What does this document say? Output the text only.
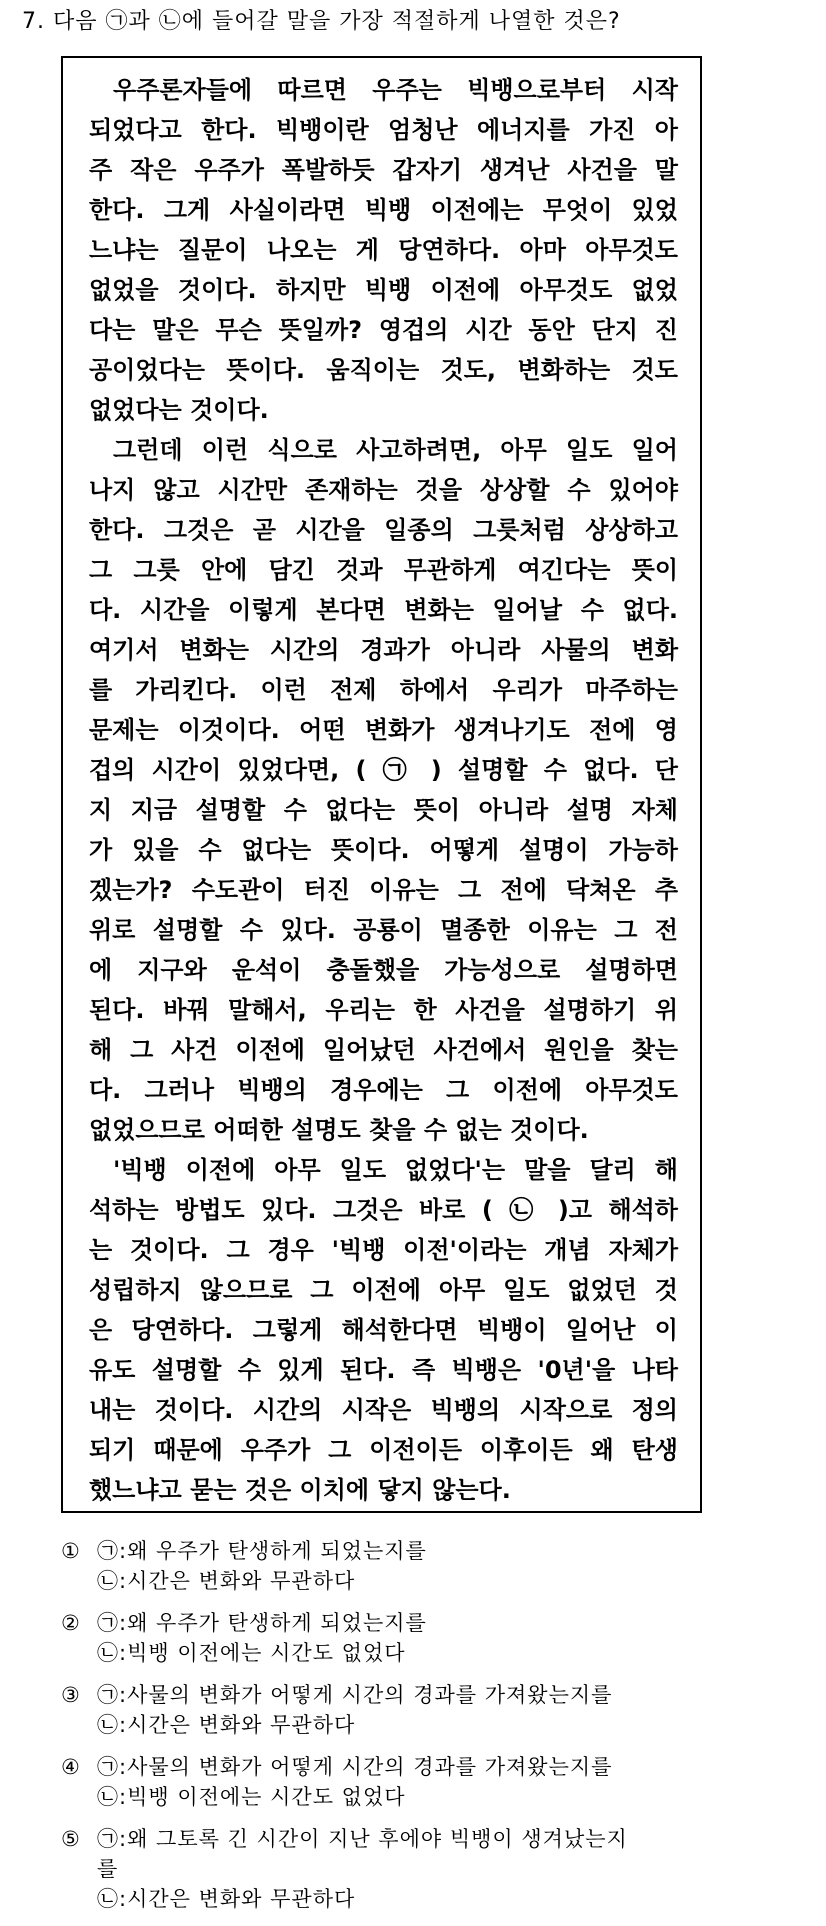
7. 다음 ㉠과 ㉡에 들어갈 말을 가장 적절하게 나열한 것은?
우주론자들에 따르면 우주는 빅뱅으로부터 시작
되었다고 한다. 빅뱅이란 엄청난 에너지를 가진 아
주 작은 우주가 폭발하듯 갑자기 생겨난 사건을 말
한다. 그게 사실이라면 빅뱅 이전에는 무엇이 있었
느냐는 질문이 나오는 게 당연하다. 아마 아무것도
없었을 것이다. 하지만 빅뱅 이전에 아무것도 없었
다는 말은 무슨 뜻일까? 영겁의 시간 동안 단지 진
공이었다는 뜻이다. 움직이는 것도, 변화하는 것도
없었다는 것이다.
그런데 이런 식으로 사고하려면, 아무 일도 일어
나지 않고 시간만 존재하는 것을 상상할 수 있어야
한다. 그것은 곧 시간을 일종의 그릇처럼 상상하고
그 그릇 안에 담긴 것과 무관하게 여긴다는 뜻이
다. 시간을 이렇게 본다면 변화는 일어날 수 없다.
여기서 변화는 시간의 경과가 아니라 사물의 변화
를 가리킨다. 이런 전제 하에서 우리가 마주하는
문제는 이것이다. 어떤 변화가 생겨나기도 전에 영
겁의 시간이 있었다면, ( ㉠ ) 설명할 수 없다. 단
지 지금 설명할 수 없다는 뜻이 아니라 설명 자체
가 있을 수 없다는 뜻이다. 어떻게 설명이 가능하
겠는가? 수도관이 터진 이유는 그 전에 닥쳐온 추
위로 설명할 수 있다. 공룡이 멸종한 이유는 그 전
에 지구와 운석이 충돌했을 가능성으로 설명하면
된다. 바꿔 말해서, 우리는 한 사건을 설명하기 위
해 그 사건 이전에 일어났던 사건에서 원인을 찾는
다. 그러나 빅뱅의 경우에는 그 이전에 아무것도
없었으므로 어떠한 설명도 찾을 수 없는 것이다.
'빅뱅 이전에 아무 일도 없었다'는 말을 달리 해
석하는 방법도 있다. 그것은 바로 ( ㉡ )고 해석하
는 것이다. 그 경우 '빅뱅 이전'이라는 개념 자체가
성립하지 않으므로 그 이전에 아무 일도 없었던 것
은 당연하다. 그렇게 해석한다면 빅뱅이 일어난 이
유도 설명할 수 있게 된다. 즉 빅뱅은 '0년'을 나타
내는 것이다. 시간의 시작은 빅뱅의 시작으로 정의
되기 때문에 우주가 그 이전이든 이후이든 왜 탄생
했느냐고 묻는 것은 이치에 닿지 않는다.
① ㉠:왜 우주가 탄생하게 되었는지를
㉡:시간은 변화와 무관하다
② ㉠:왜 우주가 탄생하게 되었는지를
㉡:빅뱅 이전에는 시간도 없었다
③ ㉠:사물의 변화가 어떻게 시간의 경과를 가져왔는지를
㉡:시간은 변화와 무관하다
④ ㉠:사물의 변화가 어떻게 시간의 경과를 가져왔는지를
㉡:빅뱅 이전에는 시간도 없었다
⑤ ㉠:왜 그토록 긴 시간이 지난 후에야 빅뱅이 생겨났는지
를
㉡:시간은 변화와 무관하다
